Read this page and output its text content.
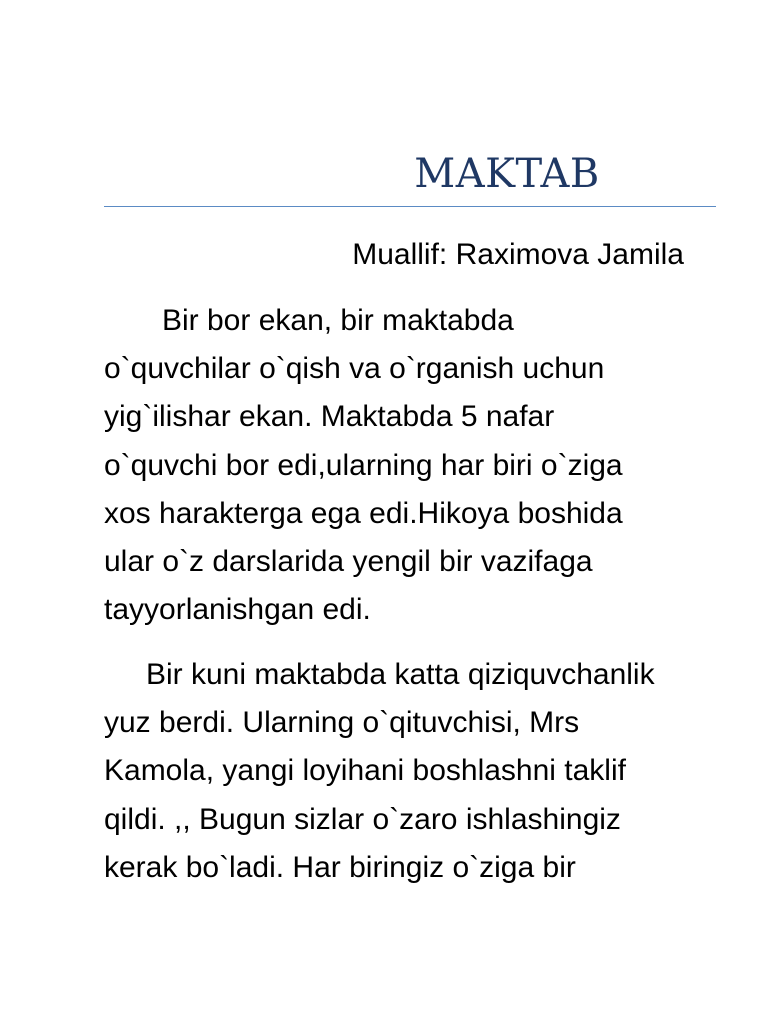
MAKTAB

Muallif: Raximova Jamila

Bir bor ekan, bir maktabda
o`quvchilar o`qish va o`rganish uchun
yig`ilishar ekan. Maktabda 5 nafar
o`quvchi bor edi,ularning har biri o`ziga
xos harakterga ega edi.Hikoya boshida
ular o`z darslarida yengil bir vazifaga
tayyorlanishgan edi.

Bir kuni maktabda katta qiziquvchanlik
yuz berdi. Ularning o`qituvchisi, Mrs
Kamola, yangi loyihani boshlashni taklif
qildi. ,, Bugun sizlar o`zaro ishlashingiz
kerak bo`ladi. Har biringiz o`ziga bir
